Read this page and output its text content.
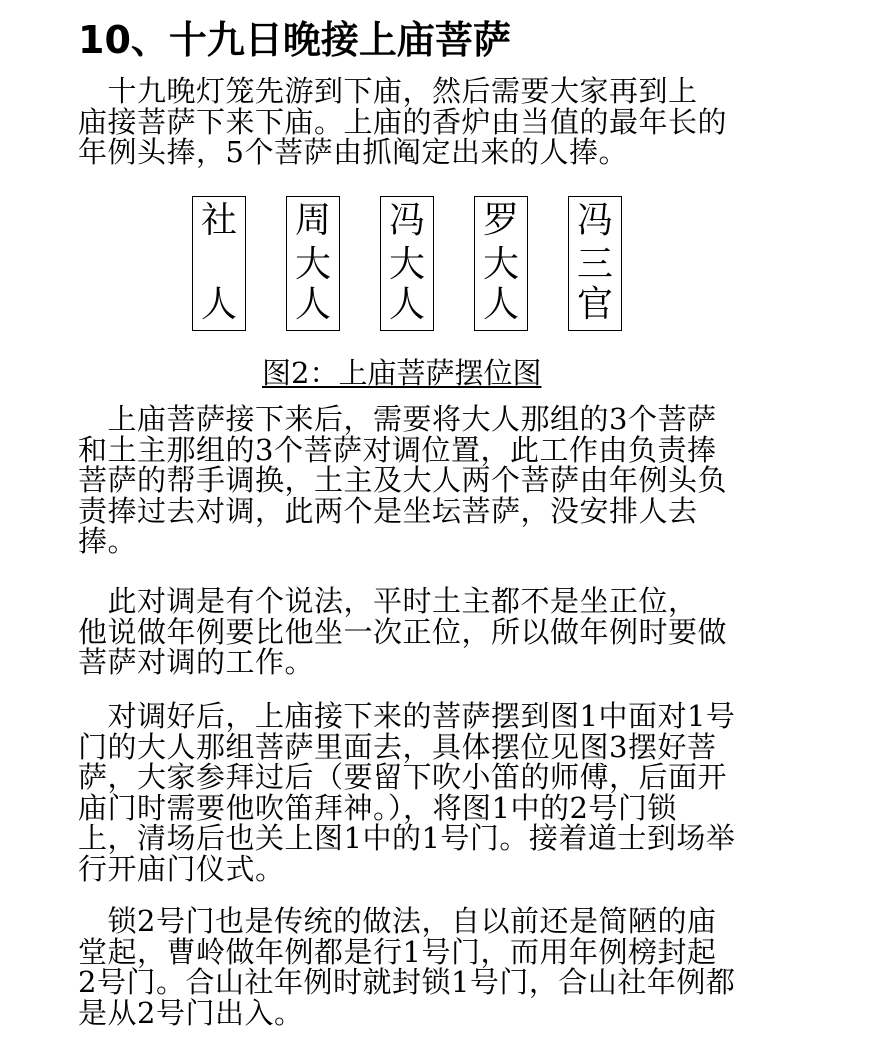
10、十九日晚接上庙菩萨
　十九晚灯笼先游到下庙，然后需要大家再到上
庙接菩萨下来下庙。上庙的香炉由当值的最年长的
年例头捧，5个菩萨由抓阄定出来的人捧。
社
人
周
大
人
冯
大
人
罗
大
人
冯
三
官

图2：上庙菩萨摆位图

　上庙菩萨接下来后，需要将大人那组的3个菩萨
和土主那组的3个菩萨对调位置，此工作由负责捧
菩萨的帮手调换，土主及大人两个菩萨由年例头负
责捧过去对调，此两个是坐坛菩萨，没安排人去
捧。
　此对调是有个说法，平时土主都不是坐正位，
他说做年例要比他坐一次正位，所以做年例时要做
菩萨对调的工作。
　对调好后，上庙接下来的菩萨摆到图1中面对1号
门的大人那组菩萨里面去，具体摆位见图3摆好菩
萨，大家参拜过后（要留下吹小笛的师傅，后面开
庙门时需要他吹笛拜神。），将图1中的2号门锁
上，清场后也关上图1中的1号门。接着道士到场举
行开庙门仪式。
　锁2号门也是传统的做法，自以前还是简陋的庙
堂起，曹岭做年例都是行1号门，而用年例榜封起
2号门。合山社年例时就封锁1号门，合山社年例都
是从2号门出入。
